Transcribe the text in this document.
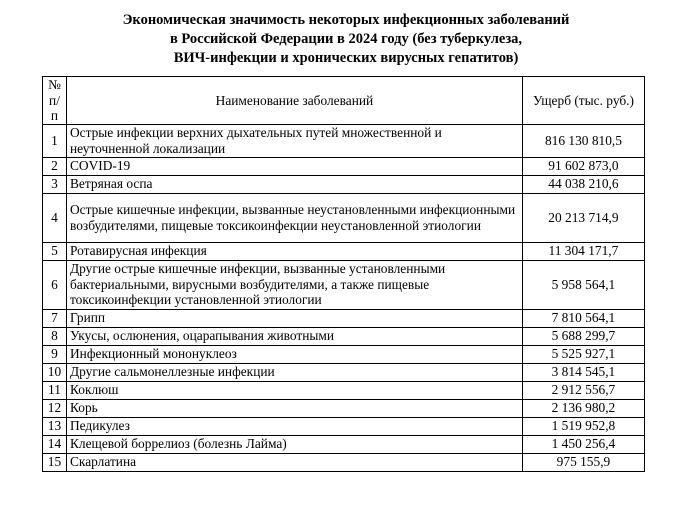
Экономическая значимость некоторых инфекционных заболеваний
в Российской Федерации в 2024 году (без туберкулеза,
ВИЧ-инфекции и хронических вирусных гепатитов)
№
п/п	Наименование заболеваний	Ущерб (тыс. руб.)
1	Острые инфекции верхних дыхательных путей множественной и неуточненной локализации	816 130 810,5
2	COVID-19	91 602 873,0
3	Ветряная оспа	44 038 210,6
4	Острые кишечные инфекции, вызванные неустановленными инфекционными возбудителями, пищевые токсикоинфекции неустановленной этиологии	20 213 714,9
5	Ротавирусная инфекция	11 304 171,7
6	Другие острые кишечные инфекции, вызванные установленными бактериальными, вирусными возбудителями, а также пищевые токсикоинфекции установленной этиологии	5 958 564,1
7	Грипп	7 810 564,1
8	Укусы, ослюнения, оцарапывания животными	5 688 299,7
9	Инфекционный мононуклеоз	5 525 927,1
10	Другие сальмонеллезные инфекции	3 814 545,1
11	Коклюш	2 912 556,7
12	Корь	2 136 980,2
13	Педикулез	1 519 952,8
14	Клещевой боррелиоз (болезнь Лайма)	1 450 256,4
15	Скарлатина	975 155,9
